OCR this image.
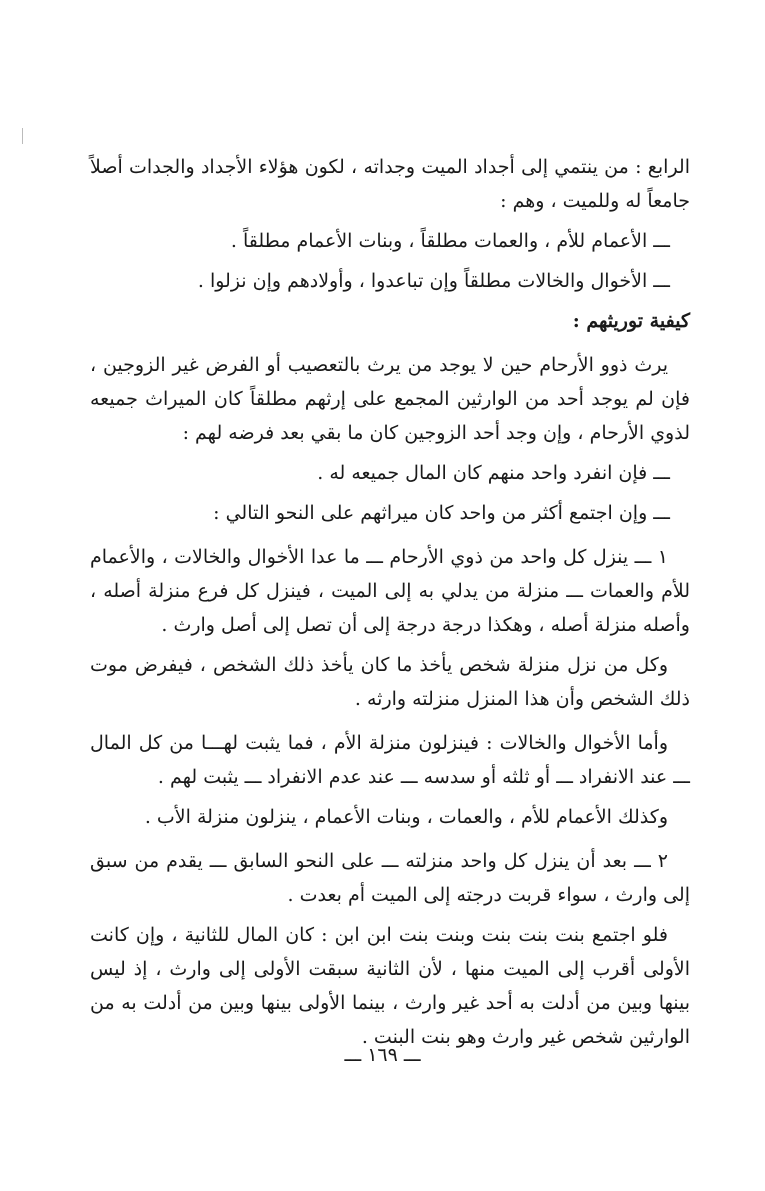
الرابع : من ينتمي إلى أجداد الميت وجداته ، لكون هؤلاء الأجداد والجدات أصلاً جامعاً له وللميت ، وهم :

ـــ الأعمام للأم ، والعمات مطلقاً ، وبنات الأعمام مطلقاً .

ـــ الأخوال والخالات مطلقاً وإن تباعدوا ، وأولادهم وإن نزلوا .

كيفية توريثهم :

يرث ذوو الأرحام حين لا يوجد من يرث بالتعصيب أو الفرض غير الزوجين ، فإن لم يوجد أحد من الوارثين المجمع على إرثهم مطلقاً كان الميراث جميعه لذوي الأرحام ، وإن وجد أحد الزوجين كان ما بقي بعد فرضه لهم :

ـــ فإن انفرد واحد منهم كان المال جميعه له .

ـــ وإن اجتمع أكثر من واحد كان ميراثهم على النحو التالي :

١ ـــ ينزل كل واحد من ذوي الأرحام ـــ ما عدا الأخوال والخالات ، والأعمام للأم والعمات ـــ منزلة من يدلي به إلى الميت ، فينزل كل فرع منزلة أصله ، وأصله منزلة أصله ، وهكذا درجة درجة إلى أن تصل إلى أصل وارث .

وكل من نزل منزلة شخص يأخذ ما كان يأخذ ذلك الشخص ، فيفرض موت ذلك الشخص وأن هذا المنزل منزلته وارثه .

وأما الأخوال والخالات : فينزلون منزلة الأم ، فما يثبت لهـــا من كل المال ـــ عند الانفراد ـــ أو ثلثه أو سدسه ـــ عند عدم الانفراد ـــ يثبت لهم .

وكذلك الأعمام للأم ، والعمات ، وبنات الأعمام ، ينزلون منزلة الأب .

٢ ـــ بعد أن ينزل كل واحد منزلته ـــ على النحو السابق ـــ يقدم من سبق إلى وارث ، سواء قربت درجته إلى الميت أم بعدت .

فلو اجتمع بنت بنت بنت وبنت بنت ابن ابن : كان المال للثانية ، وإن كانت الأولى أقرب إلى الميت منها ، لأن الثانية سبقت الأولى إلى وارث ، إذ ليس بينها وبين من أدلت به أحد غير وارث ، بينما الأولى بينها وبين من أدلت به من الوارثين شخص غير وارث وهو بنت البنت .

ـــ ١٦٩ ـــ
